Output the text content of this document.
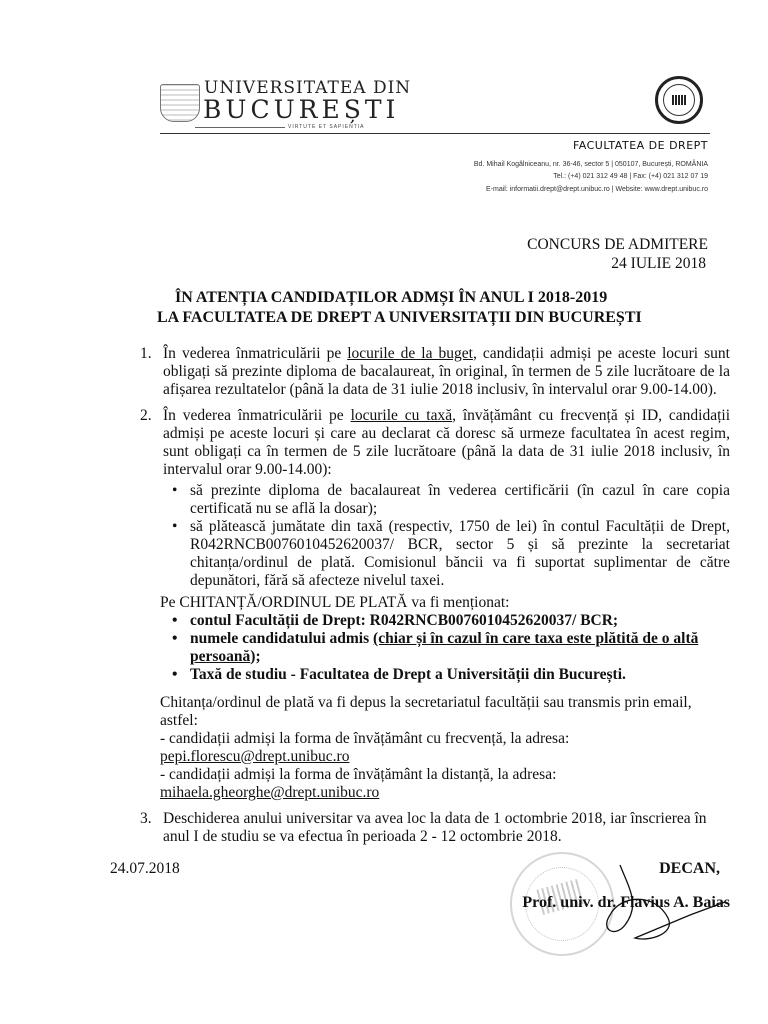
UNIVERSITATEA DIN
BUCUREȘTI
VIRTUTE ET SAPIENTIA
FACULTATEA DE DREPT
Bd. Mihail Kogălniceanu, nr. 36-46, sector 5 | 050107, București, ROMÂNIA
Tel.: (+4) 021 312 49 48 | Fax: (+4) 021 312 07 19
E-mail: informatii.drept@drept.unibuc.ro | Website: www.drept.unibuc.ro
CONCURS DE ADMITERE
24 IULIE 2018
ÎN ATENȚIA CANDIDAȚILOR ADMȘI ÎN ANUL I 2018-2019
LA FACULTATEA DE DREPT A UNIVERSITAȚII DIN BUCUREȘTI
1. În vederea înmatriculării pe locurile de la buget, candidații admiși pe aceste locuri sunt obligați să prezinte diploma de bacalaureat, în original, în termen de 5 zile lucrătoare de la afișarea rezultatelor (până la data de 31 iulie 2018 inclusiv, în intervalul orar 9.00-14.00).
2. În vederea înmatriculării pe locurile cu taxă, învățământ cu frecvență și ID, candidații admiși pe aceste locuri și care au declarat că doresc să urmeze facultatea în acest regim, sunt obligați ca în termen de 5 zile lucrătoare (până la data de 31 iulie 2018 inclusiv, în intervalul orar 9.00-14.00):
• să prezinte diploma de bacalaureat în vederea certificării (în cazul în care copia certificată nu se află la dosar);
• să plătească jumătate din taxă (respectiv, 1750 de lei) în contul Facultății de Drept, R042RNCB0076010452620037/ BCR, sector 5 și să prezinte la secretariat chitanța/ordinul de plată. Comisionul băncii va fi suportat suplimentar de către depunători, fără să afecteze nivelul taxei.
Pe CHITANȚĂ/ORDINUL DE PLATĂ va fi menționat:
• contul Facultății de Drept: R042RNCB0076010452620037/ BCR;
• numele candidatului admis (chiar și în cazul în care taxa este plătită de o altă persoană);
• Taxă de studiu - Facultatea de Drept a Universității din București.
Chitanța/ordinul de plată va fi depus la secretariatul facultății sau transmis prin email, astfel:
- candidații admiși la forma de învățământ cu frecvență, la adresa:
pepi.florescu@drept.unibuc.ro
- candidații admiși la forma de învățământ la distanță, la adresa:
mihaela.gheorghe@drept.unibuc.ro
3. Deschiderea anului universitar va avea loc la data de 1 octombrie 2018, iar înscrierea în anul I de studiu se va efectua în perioada 2 - 12 octombrie 2018.
24.07.2018	DECAN,
Prof. univ. dr. Flavius A. Baias
